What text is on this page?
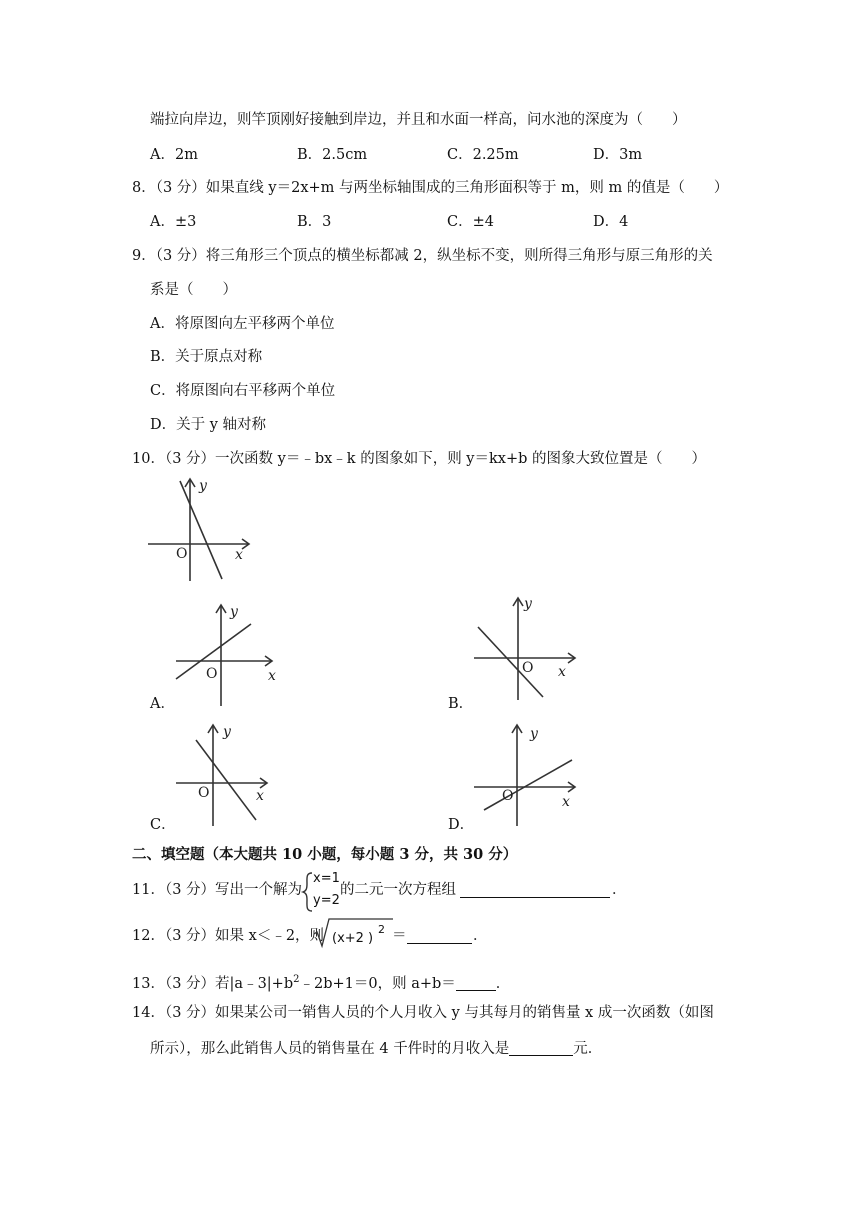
端拉向岸边，则竿顶刚好接触到岸边，并且和水面一样高，问水池的深度为（　　）
A．2m	B．2.5cm	C．2.25m	D．3m
8．（3 分）如果直线 y＝2x+m 与两坐标轴围成的三角形面积等于 m，则 m 的值是（　　）
A．±3	B．3	C．±4	D．4
9．（3 分）将三角形三个顶点的横坐标都减 2，纵坐标不变，则所得三角形与原三角形的关
系是（　　）
A．将原图向左平移两个单位
B．关于原点对称
C．将原图向右平移两个单位
D．关于 y 轴对称
10．（3 分）一次函数 y＝﹣bx﹣k 的图象如下，则 y＝kx+b 的图象大致位置是（　　）
y
x
O
y
x
O
A．
y
x
O
B．
y
x
O
C．
y
x
O
D．
二、填空题（本大题共 10 小题，每小题 3 分，共 30 分）
11．（3 分）写出一个解为
x=1
y=2
的二元一次方程组	．
12．（3 分）如果 x＜﹣2，则 (x+2 )
2 ＝	．
13．（3 分）若$|a﹣3|+b^2﹣2b+1=0$，则 a+b＝	．
14．（3 分）如果某公司一销售人员的个人月收入 y 与其每月的销售量 x 成一次函数（如图
所示），那么此销售人员的销售量在 4 千件时的月收入是	元．
